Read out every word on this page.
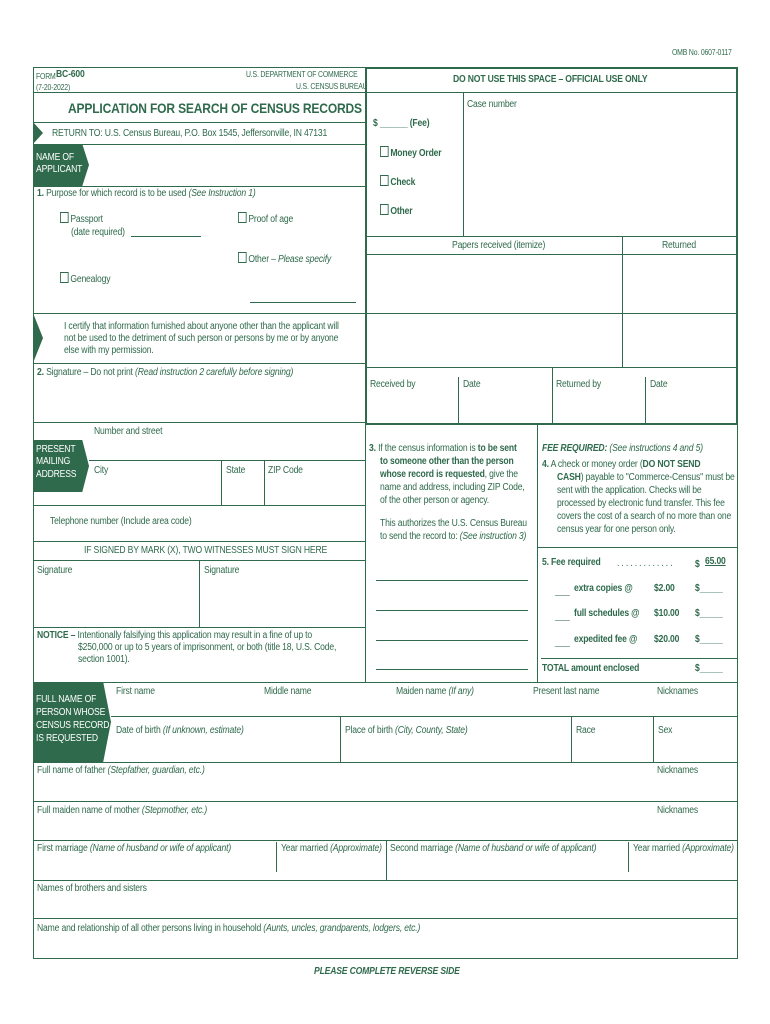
OMB No. 0607-0117
FORM BC-600
(7-20-2022)
U.S. DEPARTMENT OF COMMERCE
U.S. CENSUS BUREAU
APPLICATION FOR SEARCH OF CENSUS RECORDS
RETURN TO: U.S. Census Bureau, P.O. Box 1545, Jeffersonville, IN 47131
NAME OF
APPLICANT
1. Purpose for which record is to be used (See Instruction 1)
Passport
(date required)
Proof of age
Other – Please specify
Genealogy
I certify that information furnished about anyone other than the applicant will
not be used to the detriment of such person or persons by me or by anyone
else with my permission.
2. Signature – Do not print (Read instruction 2 carefully before signing)
Number and street
PRESENT
MAILING
ADDRESS City	State ZIP Code
Telephone number (Include area code)
IF SIGNED BY MARK (X), TWO WITNESSES MUST SIGN HERE
Signature	Signature
NOTICE – Intentionally falsifying this application may result in a fine of up to
$250,000 or up to 5 years of imprisonment, or both (title 18, U.S. Code,
section 1001).
DO NOT USE THIS SPACE – OFFICIAL USE ONLY
$ ______ (Fee)
Case number
Money Order
Check
Other
Papers received (itemize)	Returned
Received by	Date	Returned by	Date
3. If the census information is to be sent
to someone other than the person
whose record is requested, give the
name and address, including ZIP Code,
of the other person or agency.
This authorizes the U.S. Census Bureau
to send the record to: (See instruction 3)
FEE REQUIRED: (See instructions 4 and 5)
4. A check or money order (DO NOT SEND
CASH) payable to "Commerce-Census" must be
sent with the application. Checks will be
processed by electronic fund transfer. This fee
covers the cost of a search of no more than one
census year for one person only.
5. Fee required . . . . . . . . . . . . . $ 65.00
____ extra copies @ $2.00 $_____
____ full schedules @ $10.00 $_____
____ expedited fee @ $20.00 $_____
TOTAL amount enclosed	$_____
FULL NAME OF
PERSON WHOSE
CENSUS RECORD
IS REQUESTED
First name	Middle name	Maiden name (If any)	Present last name	Nicknames
Date of birth (If unknown, estimate)	Place of birth (City, County, State)	Race	Sex
Full name of father (Stepfather, guardian, etc.)	Nicknames
Full maiden name of mother (Stepmother, etc.)	Nicknames
First marriage (Name of husband or wife of applicant)	Year married (Approximate) Second marriage (Name of husband or wife of applicant)	Year married (Approximate)
Names of brothers and sisters
Name and relationship of all other persons living in household (Aunts, uncles, grandparents, lodgers, etc.)
PLEASE COMPLETE REVERSE SIDE
